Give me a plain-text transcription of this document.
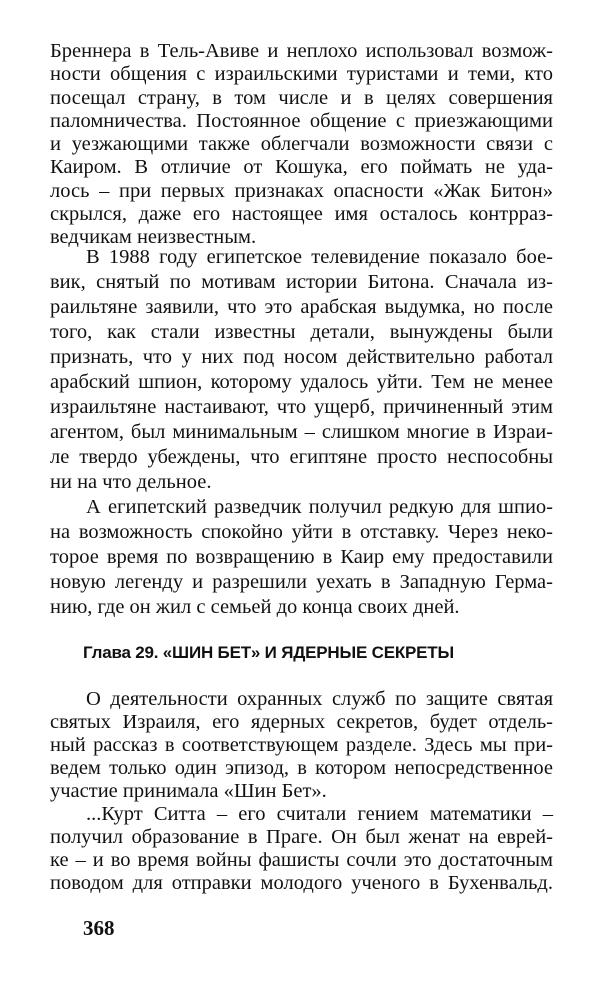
Бреннера в Тель-Авиве и неплохо использовал возмож-
ности общения с израильскими туристами и теми, кто
посещал страну, в том числе и в целях совершения
паломничества. Постоянное общение с приезжающими
и уезжающими также облегчали возможности связи с
Каиром. В отличие от Кошука, его поймать не уда-
лось – при первых признаках опасности «Жак Битон»
скрылся, даже его настоящее имя осталось контрраз-
ведчикам неизвестным.
В 1988 году египетское телевидение показало бое-
вик, снятый по мотивам истории Битона. Сначала из-
раильтяне заявили, что это арабская выдумка, но после
того, как стали известны детали, вынуждены были
признать, что у них под носом действительно работал
арабский шпион, которому удалось уйти. Тем не менее
израильтяне настаивают, что ущерб, причиненный этим
агентом, был минимальным – слишком многие в Израи-
ле твердо убеждены, что египтяне просто неспособны
ни на что дельное.
А египетский разведчик получил редкую для шпио-
на возможность спокойно уйти в отставку. Через неко-
торое время по возвращению в Каир ему предоставили
новую легенду и разрешили уехать в Западную Герма-
нию, где он жил с семьей до конца своих дней.
Глава 29. «ШИН БЕТ» И ЯДЕРНЫЕ СЕКРЕТЫ
О деятельности охранных служб по защите святая
святых Израиля, его ядерных секретов, будет отдель-
ный рассказ в соответствующем разделе. Здесь мы при-
ведем только один эпизод, в котором непосредственное
участие принимала «Шин Бет».
...Курт Ситта – его считали гением математики –
получил образование в Праге. Он был женат на еврей-
ке – и во время войны фашисты сочли это достаточным
поводом для отправки молодого ученого в Бухенвальд.
368
